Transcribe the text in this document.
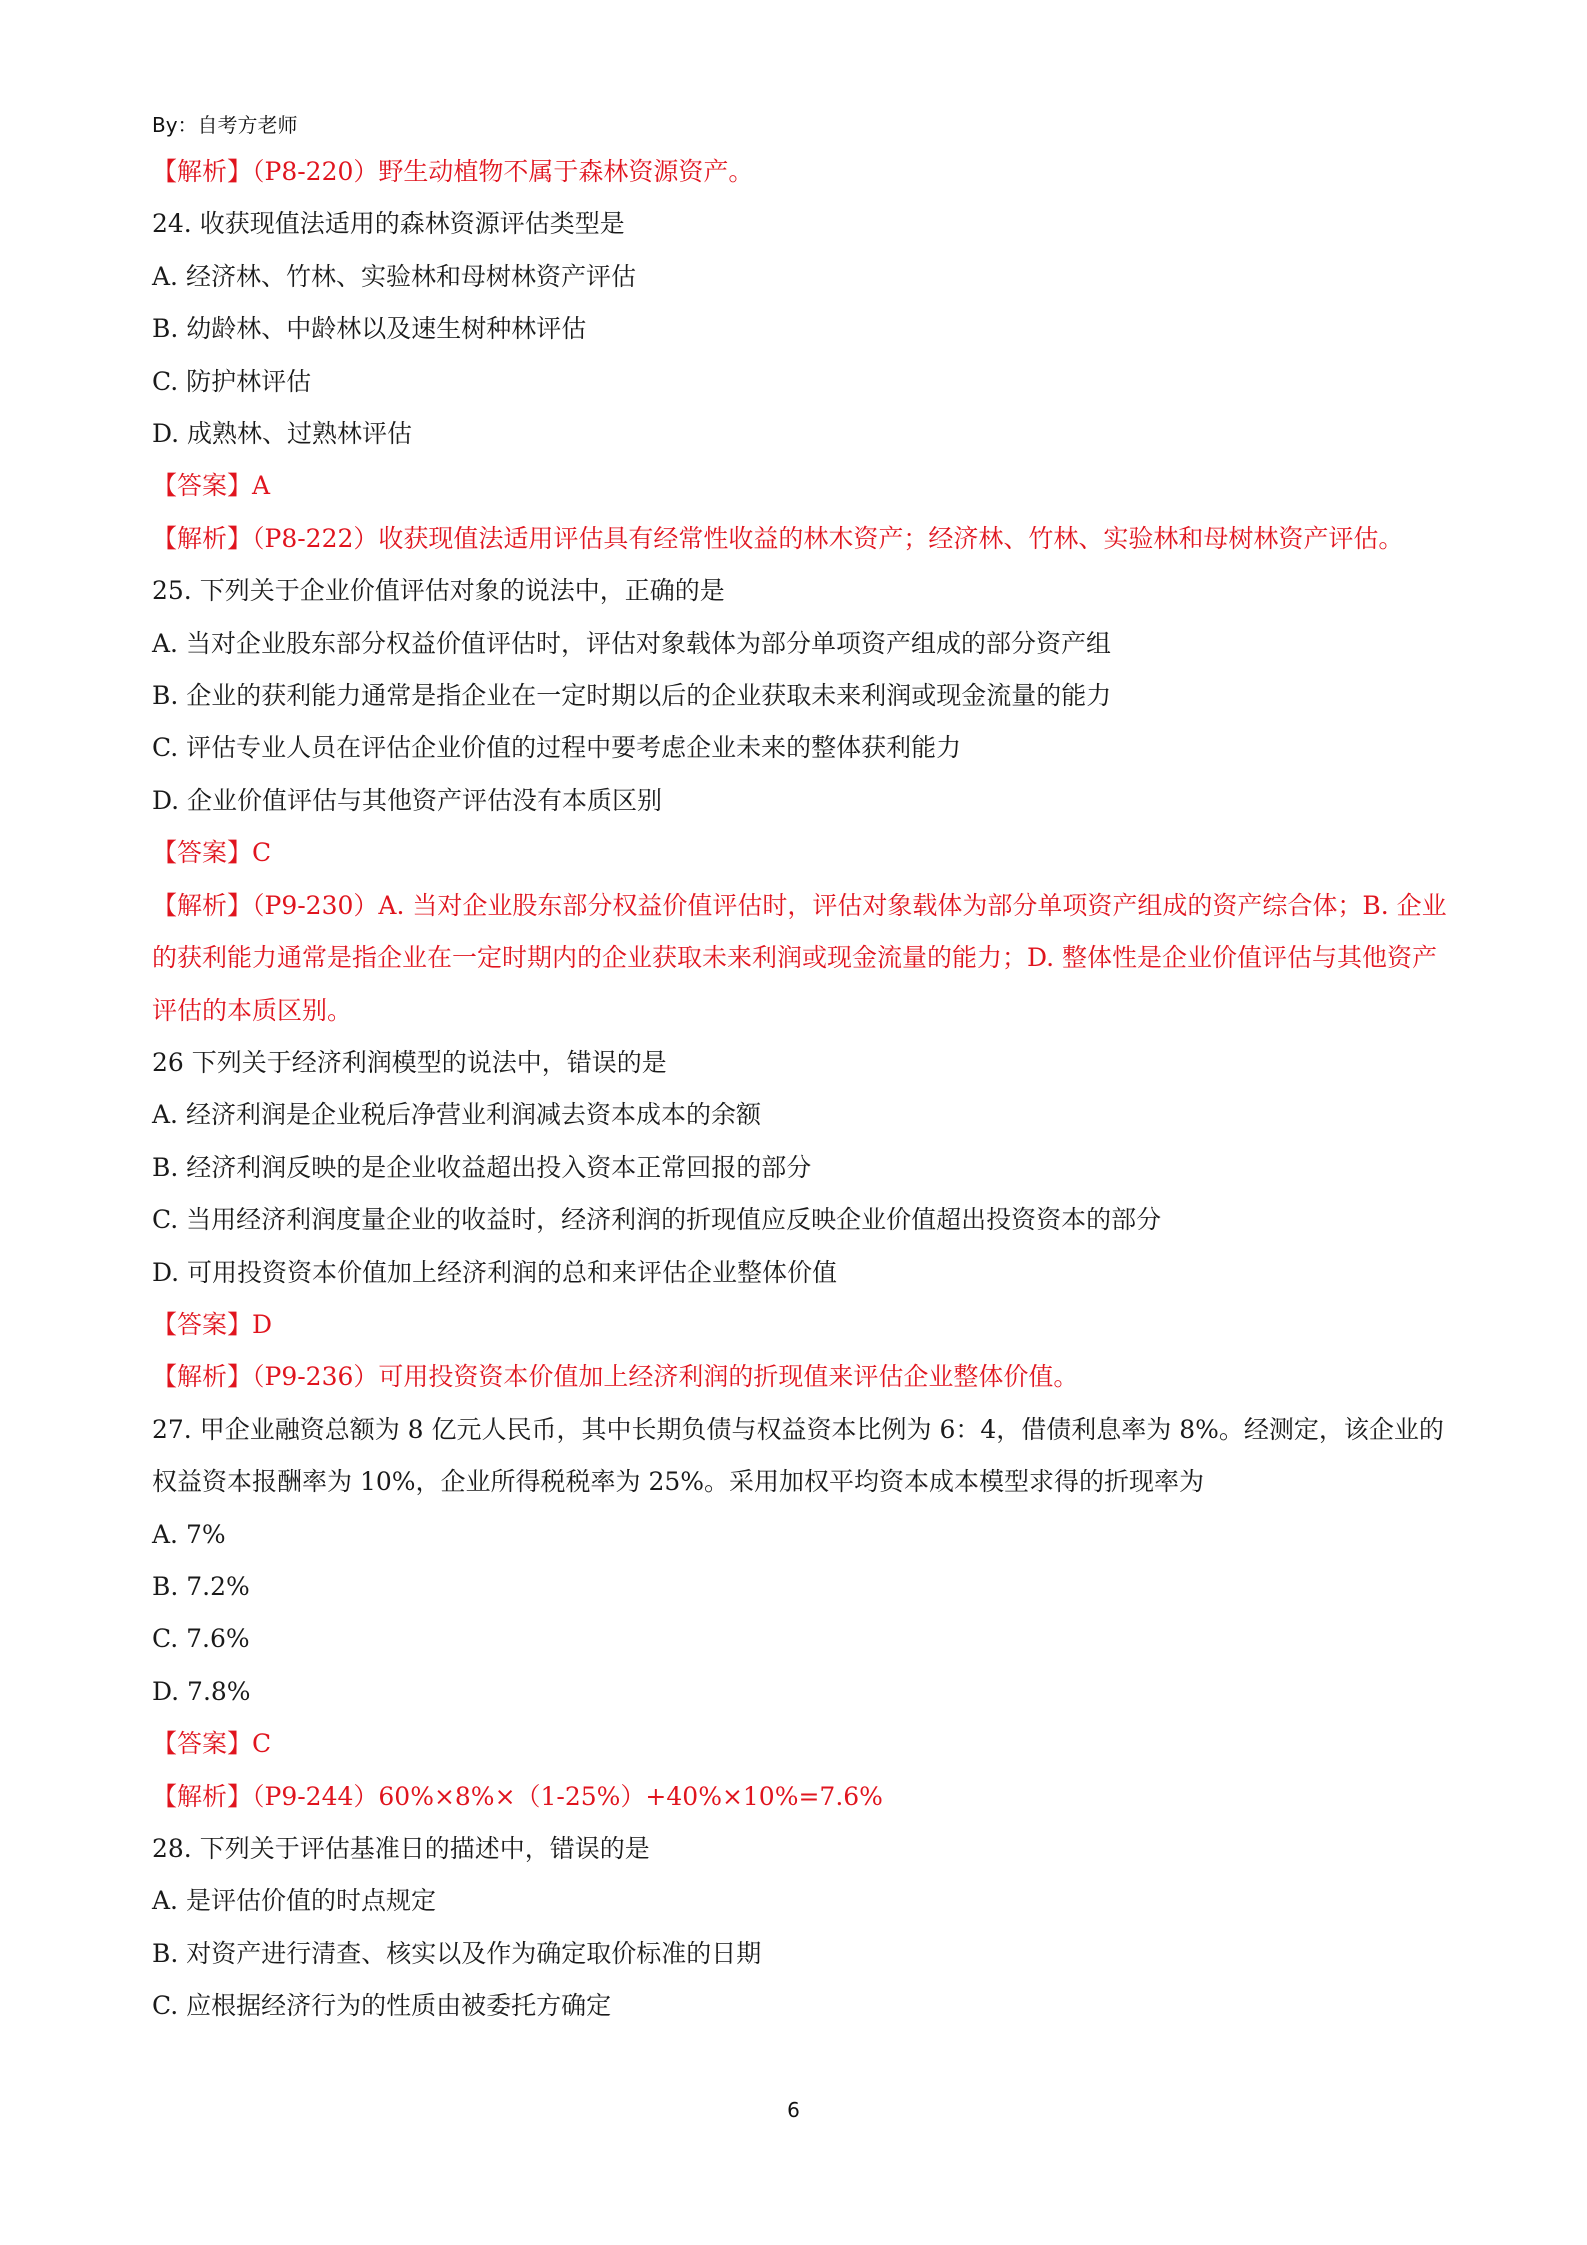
By：自考方老师

【解析】（P8-220）野生动植物不属于森林资源资产。

24. 收获现值法适用的森林资源评估类型是

A. 经济林、竹林、实验林和母树林资产评估

B. 幼龄林、中龄林以及速生树种林评估

C. 防护林评估

D. 成熟林、过熟林评估

【答案】A

【解析】（P8-222）收获现值法适用评估具有经常性收益的林木资产；经济林、竹林、实验林和母树林资产评估。

25. 下列关于企业价值评估对象的说法中，正确的是

A. 当对企业股东部分权益价值评估时，评估对象载体为部分单项资产组成的部分资产组

B. 企业的获利能力通常是指企业在一定时期以后的企业获取未来利润或现金流量的能力

C. 评估专业人员在评估企业价值的过程中要考虑企业未来的整体获利能力

D. 企业价值评估与其他资产评估没有本质区别

【答案】C

【解析】（P9-230）A. 当对企业股东部分权益价值评估时，评估对象载体为部分单项资产组成的资产综合体；B. 企业的获利能力通常是指企业在一定时期内的企业获取未来利润或现金流量的能力；D. 整体性是企业价值评估与其他资产评估的本质区别。

26 下列关于经济利润模型的说法中，错误的是

A. 经济利润是企业税后净营业利润减去资本成本的余额

B. 经济利润反映的是企业收益超出投入资本正常回报的部分

C. 当用经济利润度量企业的收益时，经济利润的折现值应反映企业价值超出投资资本的部分

D. 可用投资资本价值加上经济利润的总和来评估企业整体价值

【答案】D

【解析】（P9-236）可用投资资本价值加上经济利润的折现值来评估企业整体价值。

27. 甲企业融资总额为 8 亿元人民币，其中长期负债与权益资本比例为 6：4，借债利息率为 8%。经测定，该企业的权益资本报酬率为 10%，企业所得税税率为 25%。采用加权平均资本成本模型求得的折现率为

A. 7%

B. 7.2%

C. 7.6%

D. 7.8%

【答案】C

【解析】（P9-244）60%×8%×（1-25%）+40%×10%=7.6%

28. 下列关于评估基准日的描述中，错误的是

A. 是评估价值的时点规定

B. 对资产进行清查、核实以及作为确定取价标准的日期

C. 应根据经济行为的性质由被委托方确定

6
